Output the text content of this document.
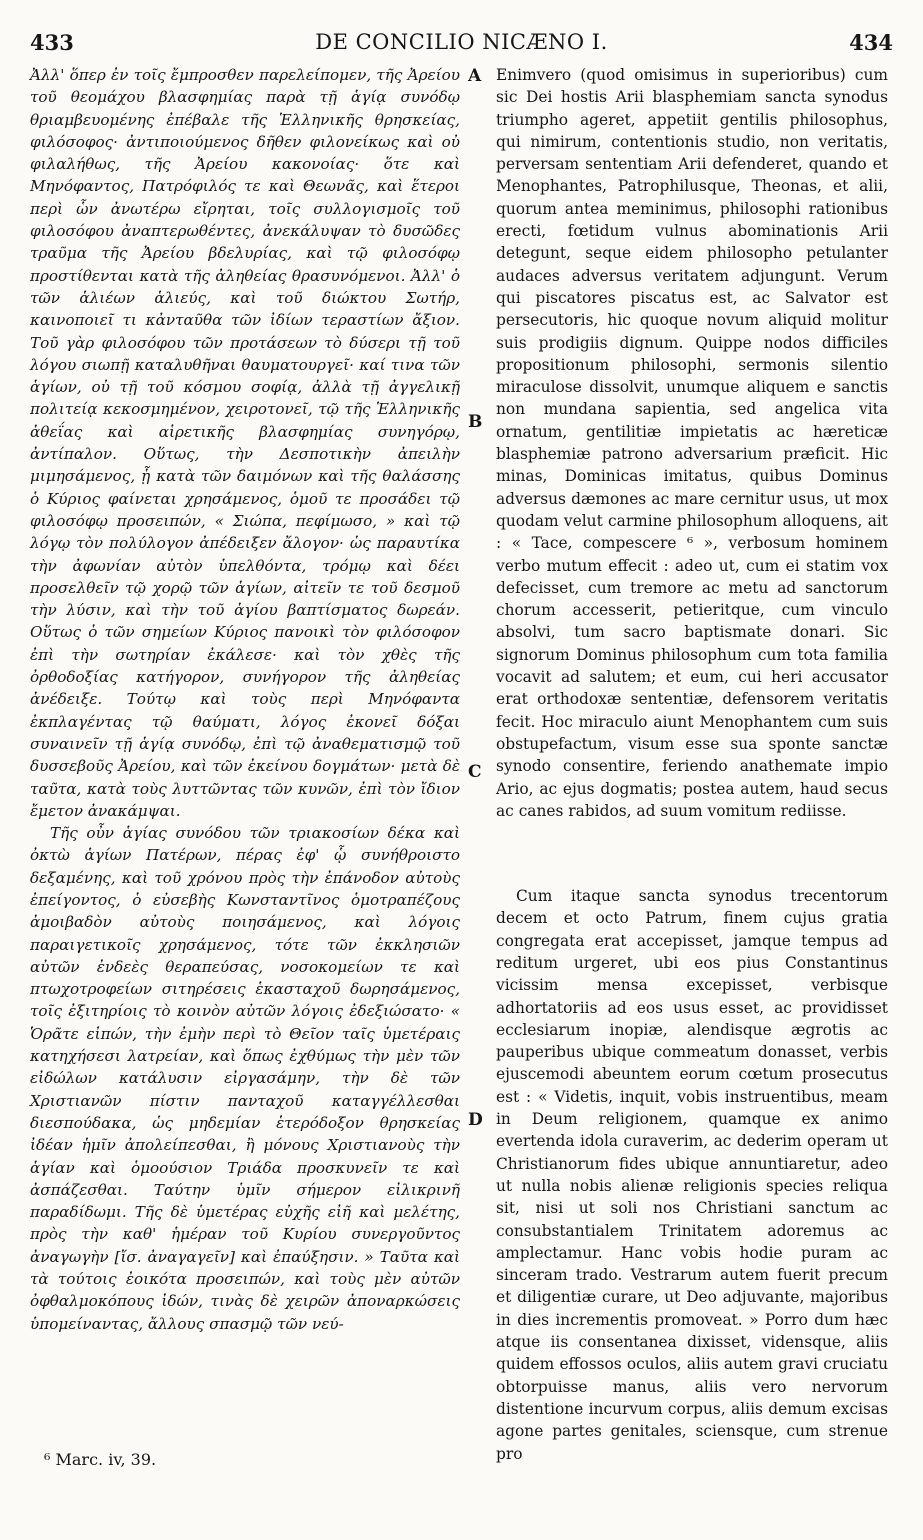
433	DE CONCILIO NICÆNO I.	434

Ἀλλ' ὅπερ ἐν τοῖς ἔμπροσθεν παρελείπομεν, τῆς Ἀρείου τοῦ θεομάχου βλασφημίας παρὰ τῇ ἁγίᾳ συνόδῳ θριαμβευομένης ἐπέβαλε τῆς Ἑλληνικῆς θρησκείας, φιλόσοφος· ἀντιποιούμενος δῆθεν φιλονείκως καὶ οὐ φιλαλήθως, τῆς Ἀρείου κακονοίας· ὅτε καὶ Μηνόφαντος, Πατρόφιλός τε καὶ Θεωνᾶς, καὶ ἕτεροι περὶ ὧν ἀνωτέρω εἴρηται, τοῖς συλλογισμοῖς τοῦ φιλοσόφου ἀναπτερωθέντες, ἀνεκάλυψαν τὸ δυσῶδες τραῦμα τῆς Ἀρείου βδελυρίας, καὶ τῷ φιλοσόφῳ προστίθενται κατὰ τῆς ἀληθείας θρασυνόμενοι. Ἀλλ' ὁ τῶν ἁλιέων ἁλιεύς, καὶ τοῦ διώκτου Σωτήρ, καινοποιεῖ τι κἀνταῦθα τῶν ἰδίων τεραστίων ἄξιον. Τοῦ γὰρ φιλοσόφου τῶν προτάσεων τὸ δύσερι τῇ τοῦ λόγου σιωπῇ καταλυθῆναι θαυματουργεῖ· καί τινα τῶν ἁγίων, οὐ τῇ τοῦ κόσμου σοφίᾳ, ἀλλὰ τῇ ἀγγελικῇ πολιτείᾳ κεκοσμημένον, χειροτονεῖ, τῷ τῆς Ἑλληνικῆς ἀθεΐας καὶ αἱρετικῆς βλασφημίας συνηγόρῳ, ἀντίπαλον. Οὕτως, τὴν Δεσποτικὴν ἀπειλὴν μιμησάμενος, ᾗ κατὰ τῶν δαιμόνων καὶ τῆς θαλάσσης ὁ Κύριος φαίνεται χρησάμενος, ὁμοῦ τε προσάδει τῷ φιλοσόφῳ προσειπών, « Σιώπα, πεφίμωσο, » καὶ τῷ λόγῳ τὸν πολύλογον ἀπέδειξεν ἄλογον· ὡς παραυτίκα τὴν ἀφωνίαν αὐτὸν ὑπελθόντα, τρόμῳ καὶ δέει προσελθεῖν τῷ χορῷ τῶν ἁγίων, αἰτεῖν τε τοῦ δεσμοῦ τὴν λύσιν, καὶ τὴν τοῦ ἁγίου βαπτίσματος δωρεάν. Οὕτως ὁ τῶν σημείων Κύριος πανοικὶ τὸν φιλόσοφον ἐπὶ τὴν σωτηρίαν ἐκάλεσε· καὶ τὸν χθὲς τῆς ὀρθοδοξίας κατήγορον, συνήγορον τῆς ἀληθείας ἀνέδειξε. Τούτῳ καὶ τοὺς περὶ Μηνόφαντα ἐκπλαγέντας τῷ θαύματι, λόγος ἐκονεῖ δόξαι συναινεῖν τῇ ἁγίᾳ συνόδῳ, ἐπὶ τῷ ἀναθεματισμῷ τοῦ δυσσεβοῦς Ἀρείου, καὶ τῶν ἐκείνου δογμάτων· μετὰ δὲ ταῦτα, κατὰ τοὺς λυττῶντας τῶν κυνῶν, ἐπὶ τὸν ἴδιον ἔμετον ἀνακάμψαι.

Τῆς οὖν ἁγίας συνόδου τῶν τριακοσίων δέκα καὶ ὀκτὼ ἁγίων Πατέρων, πέρας ἐφ' ᾧ συνήθροιστο δεξαμένης, καὶ τοῦ χρόνου πρὸς τὴν ἐπάνοδον αὐτοὺς ἐπείγοντος, ὁ εὐσεβὴς Κωνσταντῖνος ὁμοτραπέζους ἀμοιβαδὸν αὐτοὺς ποιησάμενος, καὶ λόγοις παραιγετικοῖς χρησάμενος, τότε τῶν ἐκκλησιῶν αὐτῶν ἐνδεὲς θεραπεύσας, νοσοκομείων τε καὶ πτωχοτροφείων σιτηρέσεις ἑκασταχοῦ δωρησάμενος, τοῖς ἐξιτηρίοις τὸ κοινὸν αὐτῶν λόγοις ἐδεξιώσατο· « Ὁρᾶτε εἰπών, τὴν ἐμὴν περὶ τὸ Θεῖον ταῖς ὑμετέραις κατηχήσεσι λατρείαν, καὶ ὅπως ἐχθύμως τὴν μὲν τῶν εἰδώλων κατάλυσιν εἰργασάμην, τὴν δὲ τῶν Χριστιανῶν πίστιν πανταχοῦ καταγγέλλεσθαι διεσπούδακα, ὡς μηδεμίαν ἑτερόδοξον θρησκείας ἰδέαν ἡμῖν ἀπολείπεσθαι, ἢ μόνους Χριστιανοὺς τὴν ἁγίαν καὶ ὁμοούσιον Τριάδα προσκυνεῖν τε καὶ ἀσπάζεσθαι. Ταύτην ὑμῖν σήμερον εἰλικρινῆ παραδίδωμι. Τῆς δὲ ὑμετέρας εὐχῆς εἰῆ καὶ μελέτης, πρὸς τὴν καθ' ἡμέραν τοῦ Κυρίου συνεργοῦντος ἀναγωγὴν [ἴσ. ἀναγαγεῖν] καὶ ἐπαύξησιν. » Ταῦτα καὶ τὰ τούτοις ἐοικότα προσειπών, καὶ τοὺς μὲν αὐτῶν ὀφθαλμοκόπους ἰδών, τινὰς δὲ χειρῶν ἀποναρκώσεις ὑπομείναντας, ἄλλους σπασμῷ τῶν νεύ-

A
B
C
D

Enimvero (quod omisimus in superioribus) cum sic Dei hostis Arii blasphemiam sancta synodus triumpho ageret, appetiit gentilis philosophus, qui nimirum, contentionis studio, non veritatis, perversam sententiam Arii defenderet, quando et Menophantes, Patrophilusque, Theonas, et alii, quorum antea meminimus, philosophi rationibus erecti, fœtidum vulnus abominationis Arii detegunt, seque eidem philosopho petulanter audaces adversus veritatem adjungunt. Verum qui piscatores piscatus est, ac Salvator est persecutoris, hic quoque novum aliquid molitur suis prodigiis dignum. Quippe nodos difficiles propositionum philosophi, sermonis silentio miraculose dissolvit, unumque aliquem e sanctis non mundana sapientia, sed angelica vita ornatum, gentilitiæ impietatis ac hæreticæ blasphemiæ patrono adversarium præficit. Hic minas, Dominicas imitatus, quibus Dominus adversus dæmones ac mare cernitur usus, ut mox quodam velut carmine philosophum alloquens, ait : « Tace, compescere ⁶ », verbosum hominem verbo mutum effecit : adeo ut, cum ei statim vox defecisset, cum tremore ac metu ad sanctorum chorum accesserit, petieritque, cum vinculo absolvi, tum sacro baptismate donari. Sic signorum Dominus philosophum cum tota familia vocavit ad salutem; et eum, cui heri accusator erat orthodoxæ sententiæ, defensorem veritatis fecit. Hoc miraculo aiunt Menophantem cum suis obstupefactum, visum esse sua sponte sanctæ synodo consentire, feriendo anathemate impio Ario, ac ejus dogmatis; postea autem, haud secus ac canes rabidos, ad suum vomitum rediisse.

Cum itaque sancta synodus trecentorum decem et octo Patrum, finem cujus gratia congregata erat accepisset, jamque tempus ad reditum urgeret, ubi eos pius Constantinus vicissim mensa excepisset, verbisque adhortatoriis ad eos usus esset, ac providisset ecclesiarum inopiæ, alendisque ægrotis ac pauperibus ubique commeatum donasset, verbis ejuscemodi abeuntem eorum cœtum prosecutus est : « Videtis, inquit, vobis instruentibus, meam in Deum religionem, quamque ex animo evertenda idola curaverim, ac dederim operam ut Christianorum fides ubique annuntiaretur, adeo ut nulla nobis alienæ religionis species reliqua sit, nisi ut soli nos Christiani sanctum ac consubstantialem Trinitatem adoremus ac amplectamur. Hanc vobis hodie puram ac sinceram trado. Vestrarum autem fuerit precum et diligentiæ curare, ut Deo adjuvante, majoribus in dies incrementis promoveat. » Porro dum hæc atque iis consentanea dixisset, vidensque, aliis quidem effossos oculos, aliis autem gravi cruciatu obtorpuisse manus, aliis vero nervorum distentione incurvum corpus, aliis demum excisas agone partes genitales, sciensque, cum strenue pro

⁶ Marc. iv, 39.
